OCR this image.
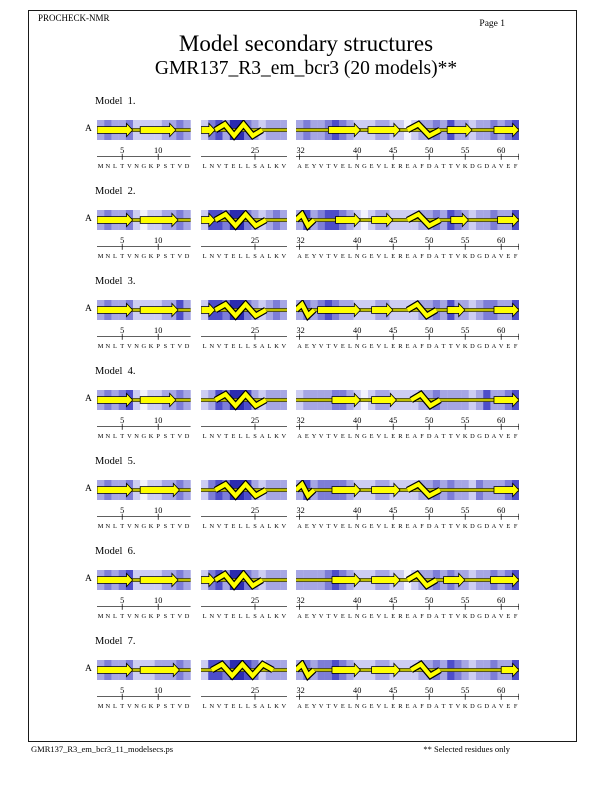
PROCHECK-NMR
Page 1
Model secondary structures
GMR137_R3_em_bcr3 (20 models)**
Model  1.
A
5	10
M N L T V N G K P S T V D
25
L N V T E L L S A L K V
32	40	45	50	55	60
A E Y V T V E L N G E V L E R E A F D A T T V K D G D A V E F
Model  2.
A
5	10
M N L T V N G K P S T V D
25
L N V T E L L S A L K V
32	40	45	50	55	60
A E Y V T V E L N G E V L E R E A F D A T T V K D G D A V E F
Model  3.
A
5	10
M N L T V N G K P S T V D
25
L N V T E L L S A L K V
32	40	45	50	55	60
A E Y V T V E L N G E V L E R E A F D A T T V K D G D A V E F
Model  4.
A
5	10
M N L T V N G K P S T V D
25
L N V T E L L S A L K V
32	40	45	50	55	60
A E Y V T V E L N G E V L E R E A F D A T T V K D G D A V E F
Model  5.
A
5	10
M N L T V N G K P S T V D
25
L N V T E L L S A L K V
32	40	45	50	55	60
A E Y V T V E L N G E V L E R E A F D A T T V K D G D A V E F
Model  6.
A
5	10
M N L T V N G K P S T V D
25
L N V T E L L S A L K V
32	40	45	50	55	60
A E Y V T V E L N G E V L E R E A F D A T T V K D G D A V E F
Model  7.
A
5	10
M N L T V N G K P S T V D
25
L N V T E L L S A L K V
32	40	45	50	55	60
A E Y V T V E L N G E V L E R E A F D A T T V K D G D A V E F
GMR137_R3_em_bcr3_11_modelsecs.ps	** Selected residues only
